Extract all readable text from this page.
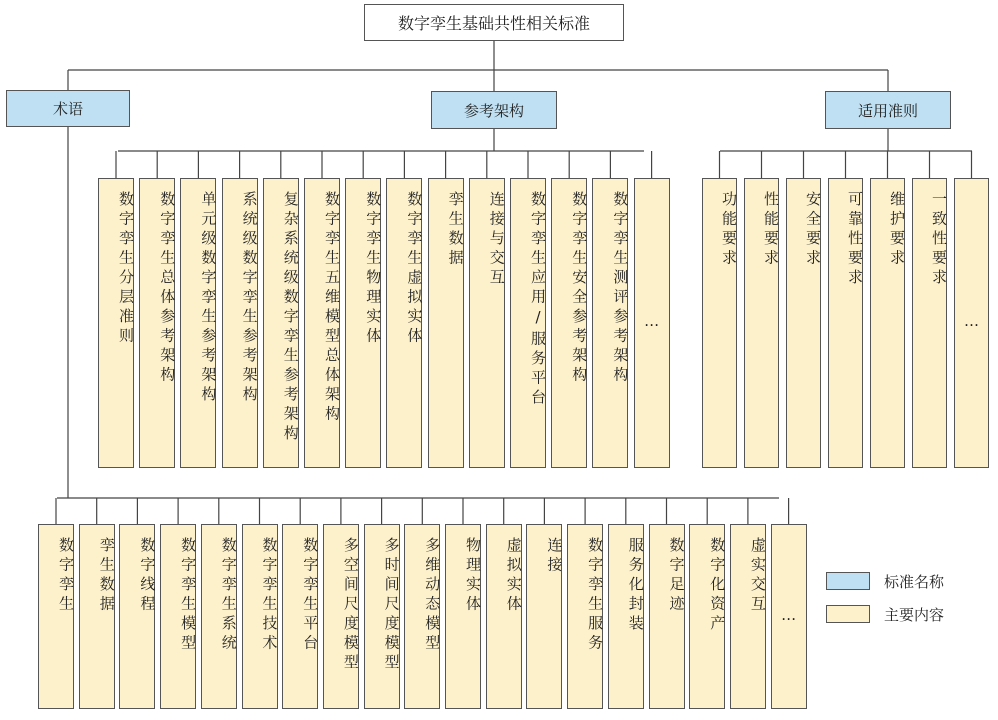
数字孪生基础共性相关标准
术语	参考架构	适用准则
数字孪生分层准则	数字孪生总体参考架构	单元级数字孪生参考架构	系统级数字孪生参考架构	复杂系统级数字孪生参考架构	数字孪生五维模型总体架构	数字孪生物理实体	数字孪生虚拟实体	孪生数据	连接与交互	数字孪生应用/服务平台	数字孪生安全参考架构	数字孪生测评参考架构 …
功能要求	性能要求	安全要求	可靠性要求	维护要求	一致性要求
…
数字孪生	孪生数据	数字线程	数字孪生模型	数字孪生系统	数字孪生技术	数字孪生平台	多空间尺度模型	多时间尺度模型	多维动态模型	物理实体	虚拟实体	连接	数字孪生服务	服务化封装	数字足迹	数字化资产	虚实交互 …
标准名称
主要内容
